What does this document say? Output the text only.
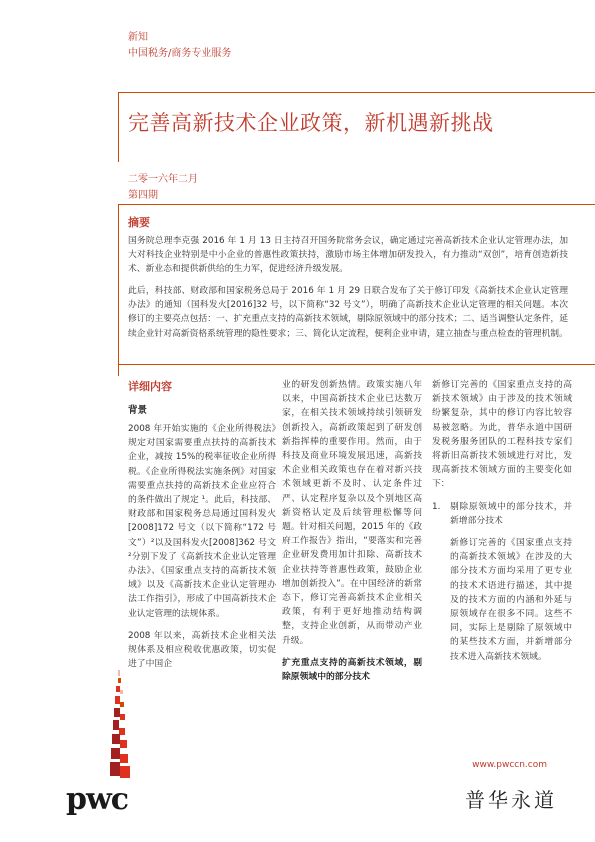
新知
中国税务/商务专业服务
完善高新技术企业政策，新机遇新挑战
二零一六年二月
第四期
摘要
国务院总理李克强 2016 年 1 月 13 日主持召开国务院常务会议，确定通过完善高新技术企业认定管理办法，加大对科技企业特别是中小企业的普惠性政策扶持，激励市场主体增加研发投入，有力推动“双创”，培育创造新技术、新业态和提供新供给的生力军，促进经济升级发展。
此后，科技部、财政部和国家税务总局于 2016 年 1 月 29 日联合发布了关于修订印发《高新技术企业认定管理办法》的通知（国科发火[2016]32 号，以下简称“32 号文”），明确了高新技术企业认定管理的相关问题。本次修订的主要亮点包括：一、扩充重点支持的高新技术领域，剔除原领域中的部分技术；二、适当调整认定条件，延续企业针对高新资格系统管理的隐性要求；三、简化认定流程，便利企业申请，建立抽查与重点检查的管理机制。
详细内容
背景

2008 年开始实施的《企业所得税法》规定对国家需要重点扶持的高新技术企业，减按 15%的税率征收企业所得税。《企业所得税法实施条例》对国家需要重点扶持的高新技术企业应符合的条件做出了规定 ¹。此后，科技部、财政部和国家税务总局通过国科发火[2008]172 号文（以下简称“172 号文”）²以及国科发火[2008]362 号文 ²分别下发了《高新技术企业认定管理办法》、《国家重点支持的高新技术领域》以及《高新技术企业认定管理办法工作指引》，形成了中国高新技术企业认定管理的法规体系。

2008 年以来，高新技术企业相关法规体系及相应税收优惠政策，切实促进了中国企

业的研发创新热情。政策实施八年以来，中国高新技术企业已达数万家，在相关技术领域持续引领研发创新投入，高新政策起到了研发创新指挥棒的重要作用。然而，由于科技及商业环境发展迅速，高新技术企业相关政策也存在着对新兴技术领域更新不及时、认定条件过严、认定程序复杂以及个别地区高新资格认定及后续管理松懈等问题。针对相关问题，2015 年的《政府工作报告》指出，“要落实和完善企业研发费用加计扣除、高新技术企业扶持等普惠性政策，鼓励企业增加创新投入”。在中国经济的新常态下，修订完善高新技术企业相关政策，有利于更好地推动结构调整，支持企业创新，从而带动产业升级。

扩充重点支持的高新技术领域，剔除原领域中的部分技术

新修订完善的《国家重点支持的高新技术领域》由于涉及的技术领域纷繁复杂，其中的修订内容比较容易被忽略。为此，普华永道中国研发税务服务团队的工程科技专家们将新旧高新技术领域进行对比，发现高新技术领域方面的主要变化如下：

1.	剔除原领域中的部分技术，并新增部分技术

新修订完善的《国家重点支持的高新技术领域》在涉及的大部分技术方面均采用了更专业的技术术语进行描述，其中提及的技术方面的内涵和外延与原领域存在很多不同。这些不同，实际上是剔除了原领域中的某些技术方面，并新增部分技术进入高新技术领域。

www.pwccn.com
pwc	普华永道
